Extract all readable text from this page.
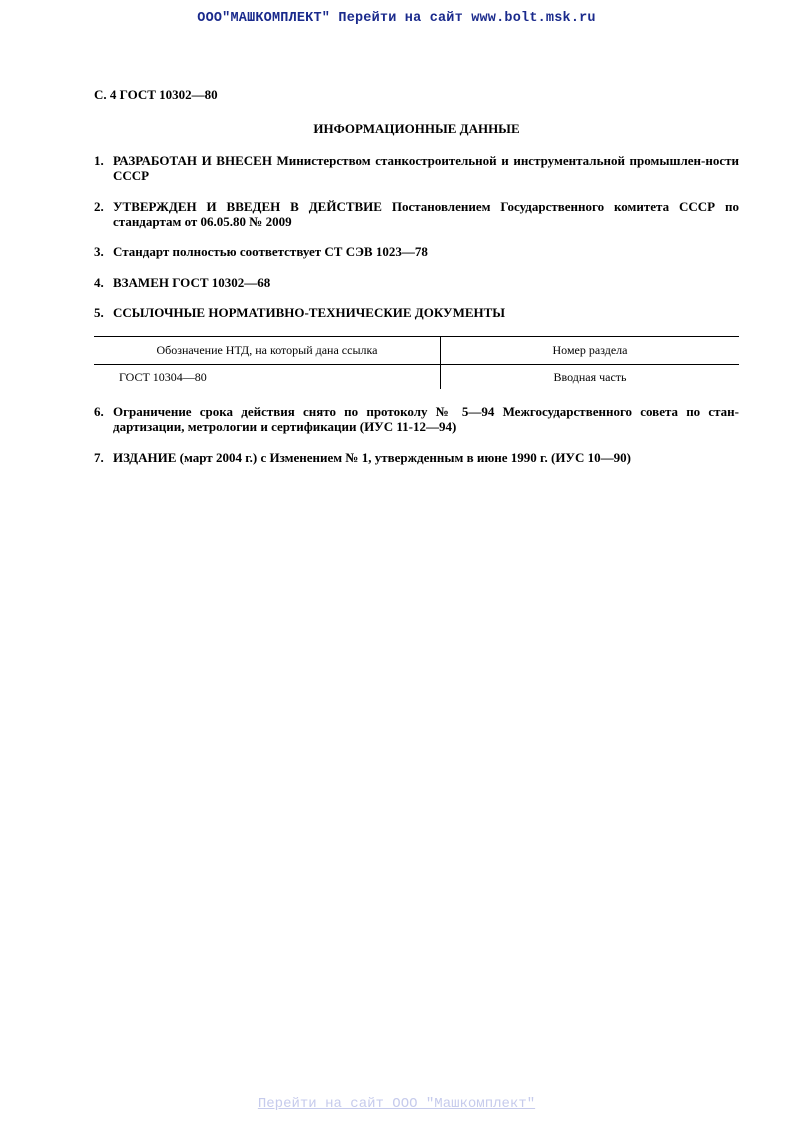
ООО"МАШКОМПЛЕКТ" Перейти на сайт www.bolt.msk.ru
С. 4 ГОСТ 10302—80
ИНФОРМАЦИОННЫЕ ДАННЫЕ
1. РАЗРАБОТАН И ВНЕСЕН Министерством станкостроительной и инструментальной промышлен-ности СССР
2. УТВЕРЖДЕН И ВВЕДЕН В ДЕЙСТВИЕ Постановлением Государственного комитета СССР по стандартам от 06.05.80 № 2009
3. Стандарт полностью соответствует СТ СЭВ 1023—78
4. ВЗАМЕН ГОСТ 10302—68
5. ССЫЛОЧНЫЕ НОРМАТИВНО-ТЕХНИЧЕСКИЕ ДОКУМЕНТЫ
Обозначение НТД, на который дана ссылка	Номер раздела
ГОСТ 10304—80	Вводная часть
6. Ограничение срока действия снято по протоколу № 5—94 Межгосударственного совета по стан-дартизации, метрологии и сертификации (ИУС 11-12—94)
7. ИЗДАНИЕ (март 2004 г.) с Изменением № 1, утвержденным в июне 1990 г. (ИУС 10—90)
Перейти на сайт ООО "Машкомплект"
